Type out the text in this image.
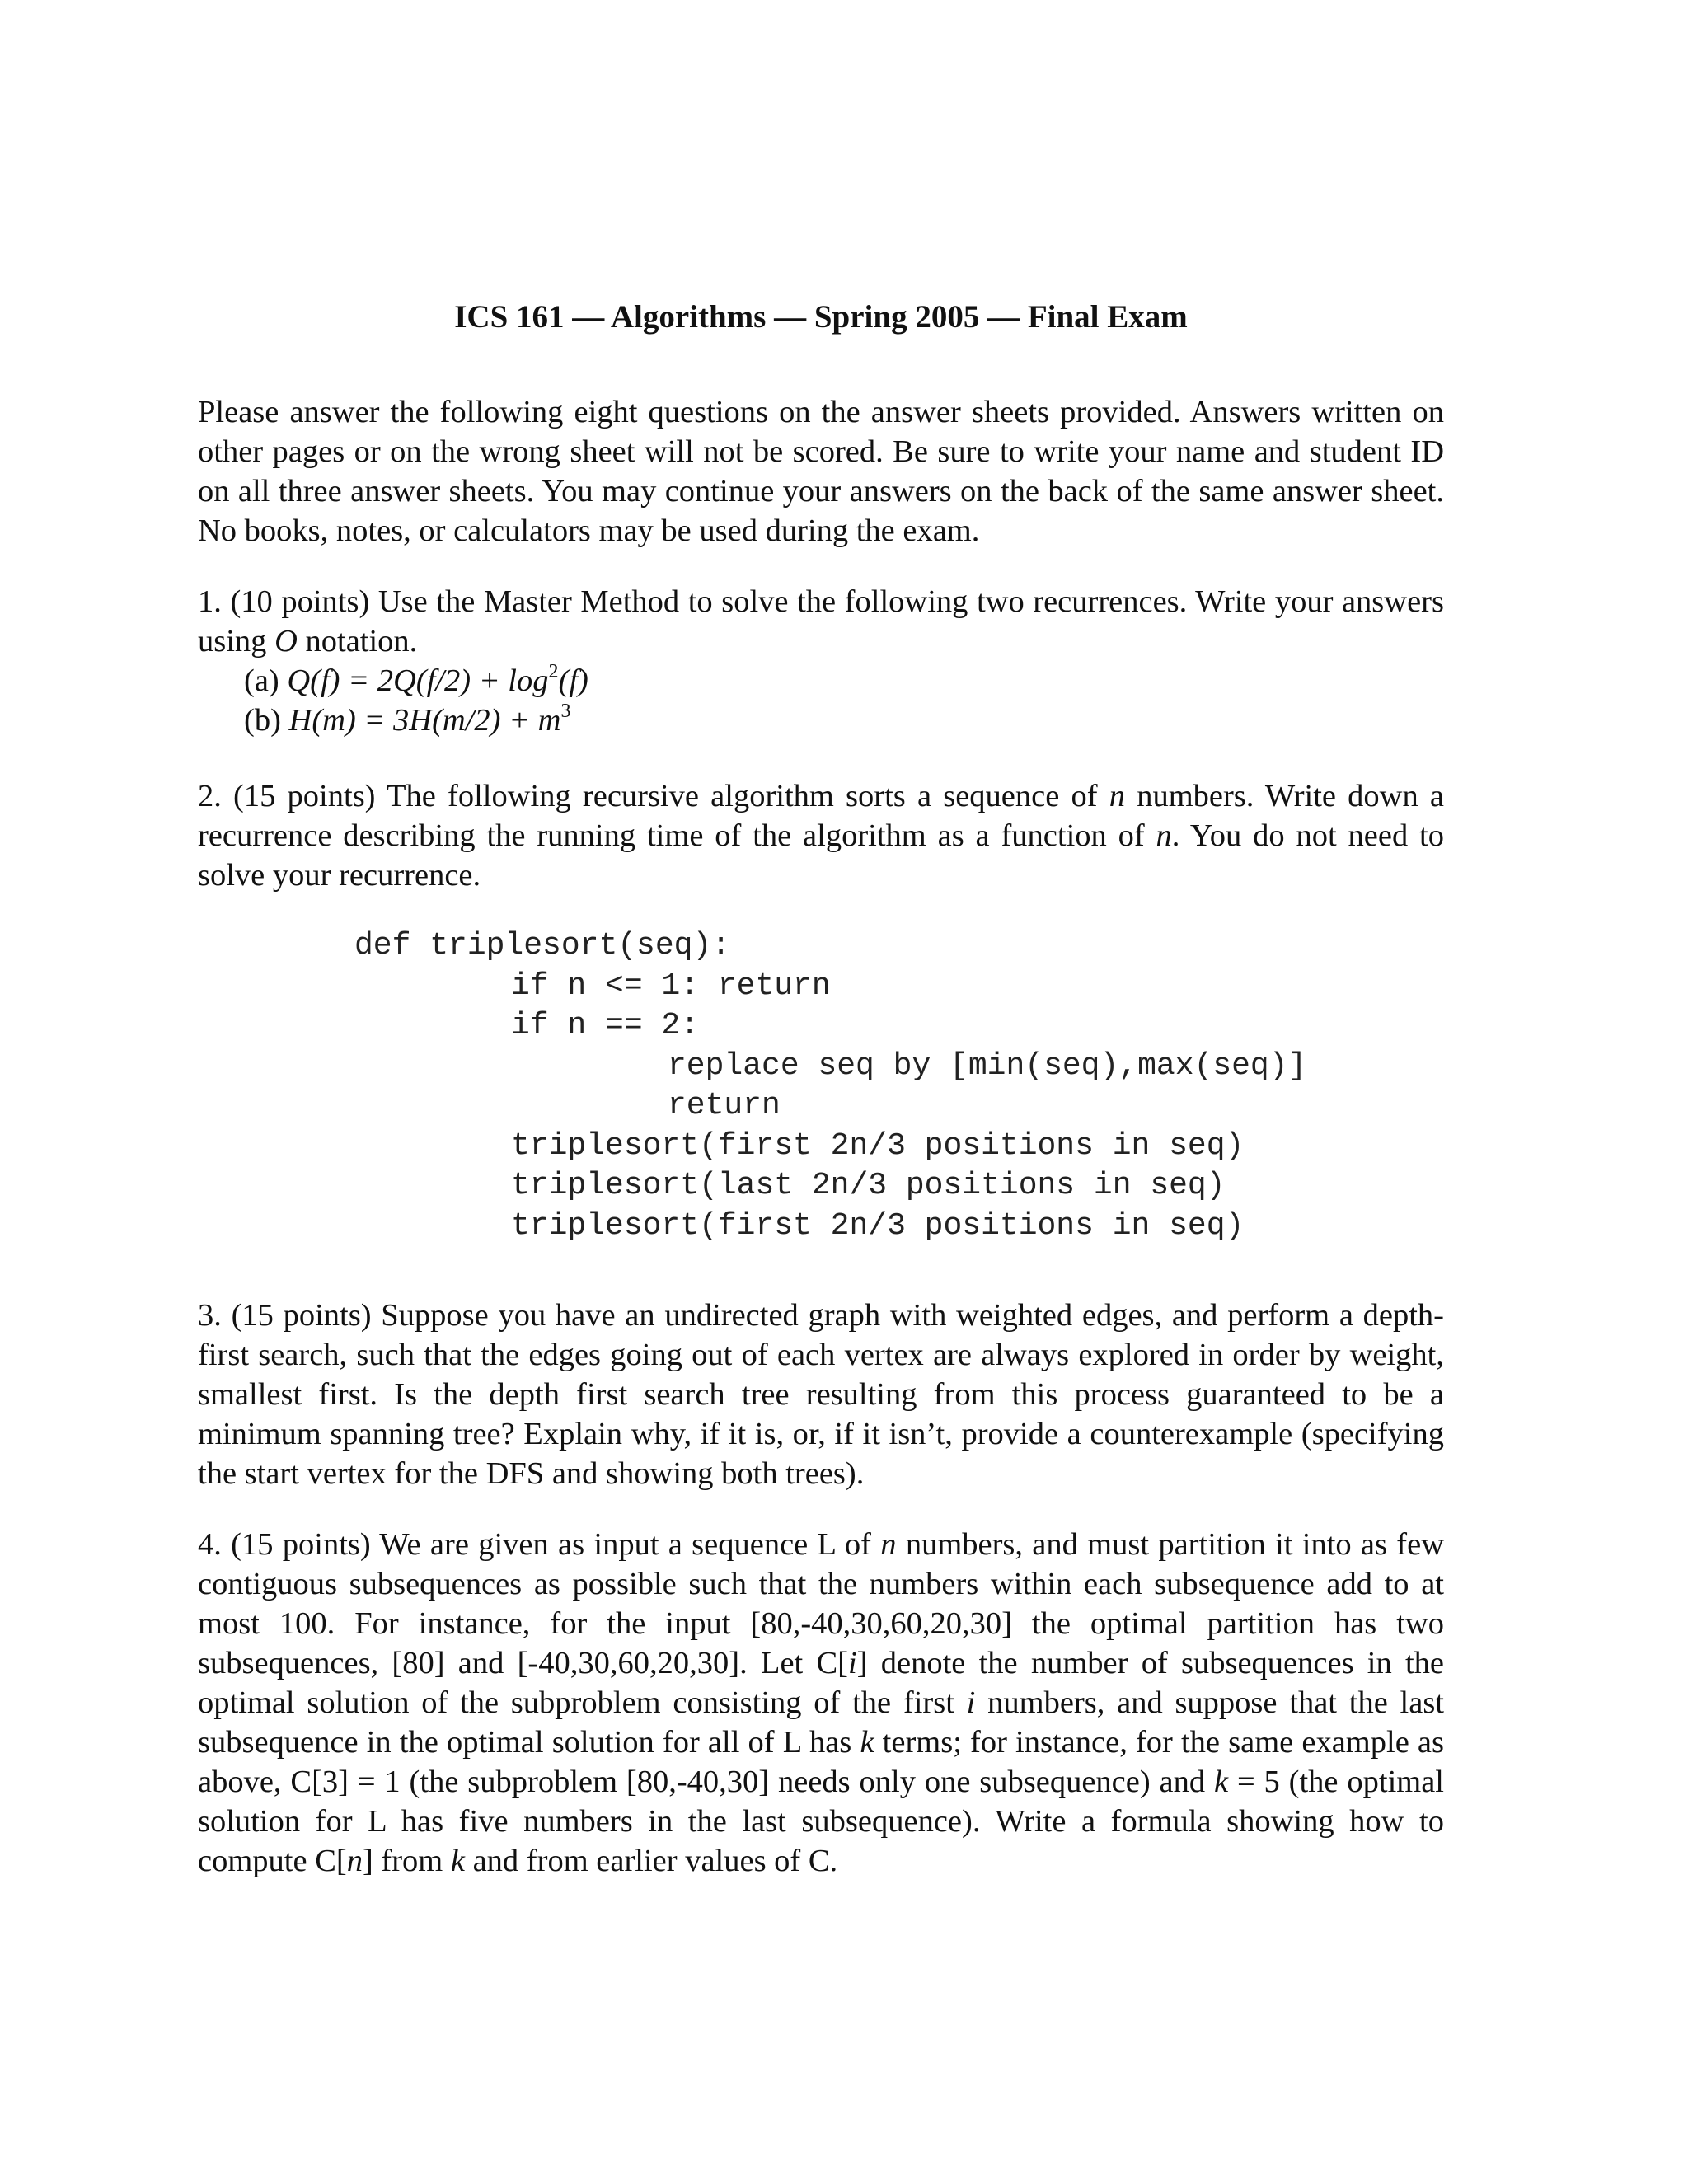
ICS 161 — Algorithms — Spring 2005 — Final Exam

Please answer the following eight questions on the answer sheets provided. Answers written on other pages or on the wrong sheet will not be scored. Be sure to write your name and student ID on all three answer sheets. You may continue your answers on the back of the same answer sheet. No books, notes, or calculators may be used during the exam.

1. (10 points) Use the Master Method to solve the following two recurrences. Write your answers using O notation.

(a) $Q(f) = 2Q(f/2) + \log^2(f)$
(b) $H(m) = 3H(m/2) + m^3$

2. (15 points) The following recursive algorithm sorts a sequence of n numbers. Write down a recurrence describing the running time of the algorithm as a function of n. You do not need to solve your recurrence.

def triplesort(seq):
if n <= 1: return
if n == 2:
replace seq by [min(seq),max(seq)]
return
triplesort(first 2n/3 positions in seq)
triplesort(last 2n/3 positions in seq)
triplesort(first 2n/3 positions in seq)

3. (15 points) Suppose you have an undirected graph with weighted edges, and perform a depth-first search, such that the edges going out of each vertex are always explored in order by weight, smallest first. Is the depth first search tree resulting from this process guaranteed to be a minimum spanning tree? Explain why, if it is, or, if it isn’t, provide a counterexample (specifying the start vertex for the DFS and showing both trees).

4. (15 points) We are given as input a sequence L of n numbers, and must partition it into as few contiguous subsequences as possible such that the numbers within each subsequence add to at most 100. For instance, for the input [80,-40,30,60,20,30] the optimal partition has two subsequences, [80] and [-40,30,60,20,30]. Let C[i] denote the number of subsequences in the optimal solution of the subproblem consisting of the first i numbers, and suppose that the last subsequence in the optimal solution for all of L has k terms; for instance, for the same example as above, C[3] = 1 (the subproblem [80,-40,30] needs only one subsequence) and k = 5 (the optimal solution for L has five numbers in the last subsequence). Write a formula showing how to compute C[n] from k and from earlier values of C.
